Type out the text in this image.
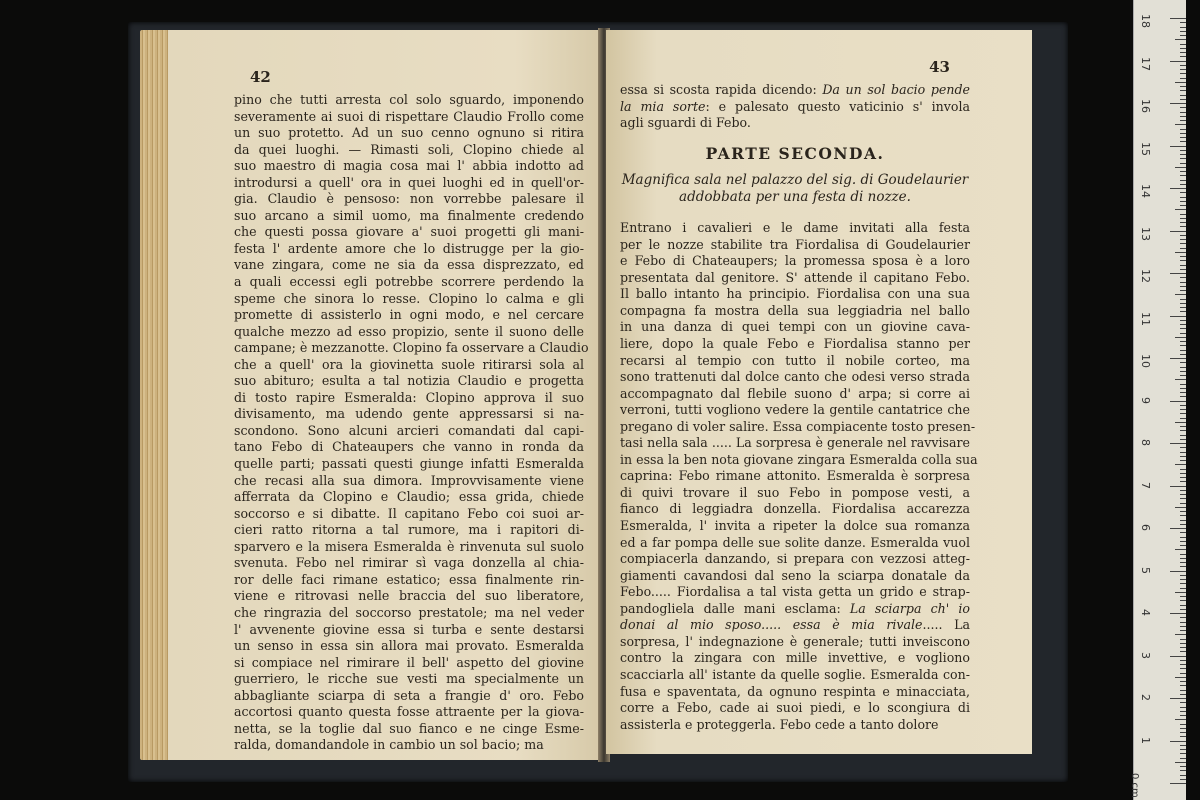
42
pino che tutti arresta col solo sguardo, imponendo
severamente ai suoi di rispettare Claudio Frollo come
un suo protetto. Ad un suo cenno ognuno si ritira
da quei luoghi. — Rimasti soli, Clopino chiede al
suo maestro di magia cosa mai l' abbia indotto ad
introdursi a quell' ora in quei luoghi ed in quell'or-
gia. Claudio è pensoso: non vorrebbe palesare il
suo arcano a simil uomo, ma finalmente credendo
che questi possa giovare a' suoi progetti gli mani-
festa l' ardente amore che lo distrugge per la gio-
vane zingara, come ne sia da essa disprezzato, ed
a quali eccessi egli potrebbe scorrere perdendo la
speme che sinora lo resse. Clopino lo calma e gli
promette di assisterlo in ogni modo, e nel cercare
qualche mezzo ad esso propizio, sente il suono delle
campane; è mezzanotte. Clopino fa osservare a Claudio
che a quell' ora la giovinetta suole ritirarsi sola al
suo abituro; esulta a tal notizia Claudio e progetta
di tosto rapire Esmeralda: Clopino approva il suo
divisamento, ma udendo gente appressarsi si na-
scondono. Sono alcuni arcieri comandati dal capi-
tano Febo di Chateaupers che vanno in ronda da
quelle parti; passati questi giunge infatti Esmeralda
che recasi alla sua dimora. Improvvisamente viene
afferrata da Clopino e Claudio; essa grida, chiede
soccorso e si dibatte. Il capitano Febo coi suoi ar-
cieri ratto ritorna a tal rumore, ma i rapitori di-
sparvero e la misera Esmeralda è rinvenuta sul suolo
svenuta. Febo nel rimirar sì vaga donzella al chia-
ror delle faci rimane estatico; essa finalmente rin-
viene e ritrovasi nelle braccia del suo liberatore,
che ringrazia del soccorso prestatole; ma nel veder
l' avvenente giovine essa si turba e sente destarsi
un senso in essa sin allora mai provato. Esmeralda
si compiace nel rimirare il bell' aspetto del giovine
guerriero, le ricche sue vesti ma specialmente un
abbagliante sciarpa di seta a frangie d' oro. Febo
accortosi quanto questa fosse attraente per la giova-
netta, se la toglie dal suo fianco e ne cinge Esme-
ralda, domandandole in cambio un sol bacio; ma
43
essa si scosta rapida dicendo: Da un sol bacio pende
la mia sorte: e palesato questo vaticinio s' invola
agli sguardi di Febo.
PARTE SECONDA.
Magnifica sala nel palazzo del sig. di Goudelaurier
addobbata per una festa di nozze.
Entrano i cavalieri e le dame invitati alla festa
per le nozze stabilite tra Fiordalisa di Goudelaurier
e Febo di Chateaupers; la promessa sposa è a loro
presentata dal genitore. S' attende il capitano Febo.
Il ballo intanto ha principio. Fiordalisa con una sua
compagna fa mostra della sua leggiadria nel ballo
in una danza di quei tempi con un giovine cava-
liere, dopo la quale Febo e Fiordalisa stanno per
recarsi al tempio con tutto il nobile corteo, ma
sono trattenuti dal dolce canto che odesi verso strada
accompagnato dal flebile suono d' arpa; si corre ai
verroni, tutti vogliono vedere la gentile cantatrice che
pregano di voler salire. Essa compiacente tosto presen-
tasi nella sala ..... La sorpresa è generale nel ravvisare
in essa la ben nota giovane zingara Esmeralda colla sua
caprina: Febo rimane attonito. Esmeralda è sorpresa
di quivi trovare il suo Febo in pompose vesti, a
fianco di leggiadra donzella. Fiordalisa accarezza
Esmeralda, l' invita a ripeter la dolce sua romanza
ed a far pompa delle sue solite danze. Esmeralda vuol
compiacerla danzando, si prepara con vezzosi atteg-
giamenti cavandosi dal seno la sciarpa donatale da
Febo..... Fiordalisa a tal vista getta un grido e strap-
pandogliela dalle mani esclama: La sciarpa ch' io
donai al mio sposo..... essa è mia rivale..... La
sorpresa, l' indegnazione è generale; tutti inveiscono
contro la zingara con mille invettive, e vogliono
scacciarla all' istante da quelle soglie. Esmeralda con-
fusa e spaventata, da ognuno respinta e minacciata,
corre a Febo, cade ai suoi piedi, e lo scongiura di
assisterla e proteggerla. Febo cede a tanto dolore
0 cm
18
17
16
15
14
13
12
11
10
9
8
7
6
5
4
3
2
1
